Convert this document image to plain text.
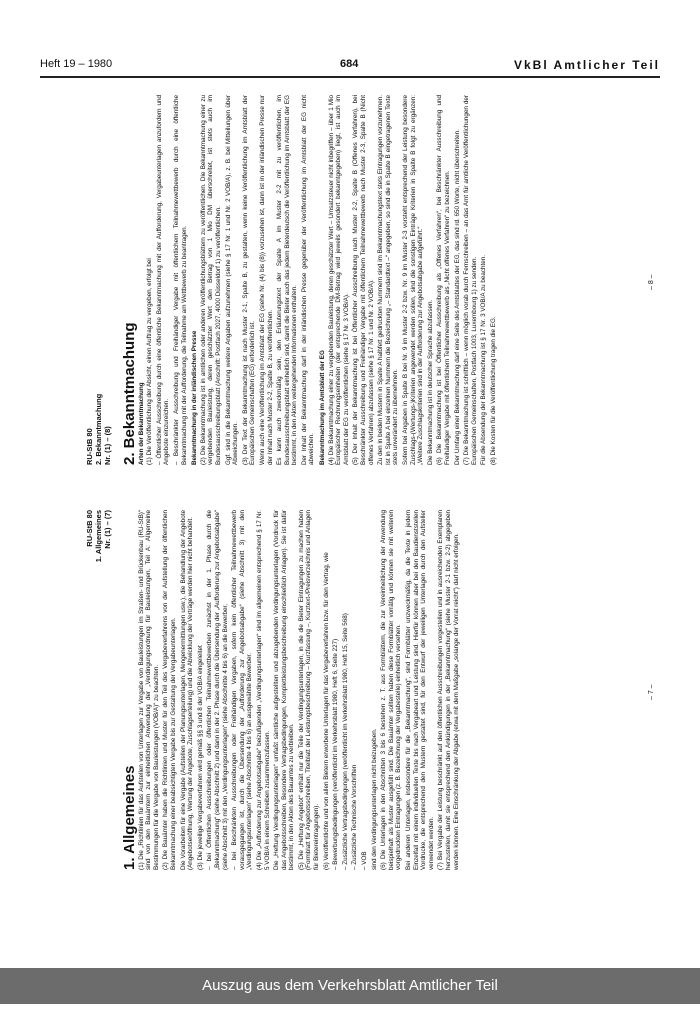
Heft 19 – 1980	684	VkBl Amtlicher Teil
RU-StB 80 1. Allgemeines Nr. (1) – (7)
1. Allgemeines (1) Die „Richtlinien für das Aufstellen von Unterlagen zur Vergabe von Bauleistungen im Straßen- und Brückenbau (RU-StB)“ sind von den Bauämtern zur einheitlichen Anwendung der „Verdingungsordnung für Bauleistungen, Teil A: Allgemeine Bestimmungen für die Vergabe von Bauleistungen (VOB/A)“ zu beachten. (2) Die Bauämter haben die Richtlinien und Muster für den Teil des Vergabeverfahrens von der Aufstellung der öffentlichen Bekanntmachung einer beabsichtigten Vergabe bis zur Gestaltung der Vergabeunterlagen. Die Vorarbeiten für eine Vergabe (Aufstellen der Planungsunterlagen, Mengenermittlungen usw.), die Behandlung der Angebote (Angebotseröffnung, Wertung der Angebote, Zuschlagserteilung) und die Abwicklung der Verträge werden hier nicht behandelt. (3) Die jeweilige Vergabeverfahren wird gemäß §§ 3 und 8 der VOB/A eingeleitet – bei Öffentlichen Ausschreibungen oder öffentlichen Teilnahmewettbewerben zunächst in der 1. Phase durch die „Bekanntmachung“ (siehe Abschnitt 2) und dann in der 2. Phase durch die Übersendung der „Aufforderung zur Angebotsabgabe“ (siehe Abschnitt 3) mit den „Verdingungsunterlagen“ (siehe Abschnitte 4 bis 6) an die Bewerber, – bei Beschränkten Ausschreibungen oder Freihändigen Vergaben, sofern kein öffentlicher Teilnahmewettbewerb vorausgegangen ist, durch die Übersendung der „Aufforderung zur Angebotsabgabe“ (siehe Abschnitt 3) mit den „Verdingungsunterlagen“ (siehe Abschnitte 4 bis 6) an ausgewählte Bewerber. (4) Die „Aufforderung zur Angebotsabgabe“ beizufügenden „Verdingungsunterlagen“ sind im allgemeinen entsprechend § 17 Nr. 5 VOB/A in einem Schreiben zusammenzufassen. Die „Heftung Verdingungsunterlagen“ umfaßt sämtliche aufgestellten und abzugebenden Verdingungsunterlagen (Vordruck für das Angebotsschreiben, Besondere Vertragsbedingungen, Komplettleistungsbeschreibung einschließlich Anlagen). Sie ist dafür bestimmt, in den Akten des Bauamtes zu verbleiben. (5) Die „Heftung Angebot“ enthält nur die Teile der Verdingungsunterlagen, in die die Bieter Eintragungen zu machen haben (Formblatt für Angebotsschreiben, Titelblatt der Leistungsbeschreibung – Kurzfassung –, Kurztext-/Preisverzeichnis und Anlagen für Bietereintragungen). (6) Veröffentlichte und von allen Bietern erworbene Unterlagen für das Vergabeverfahren bzw. für den Vertrag, wie – Bewerbungsbedingungen (veröffentlicht im Verkehrsblatt 1980, Heft 6, Seite 227) – Zusätzliche Vertragsbedingungen (veröffentlicht im Verkehrsblatt 1980, Heft 15, Seite 568) – Zusätzliche Technische Vorschriften – VOB sind den Verdingungsunterlagen nicht beizugeben. (6) Die Unterlagen in den Abschnitten 3 bis 6 bestehen z. T. aus Formblättern, die zur Vereinheitlichung der Anwendung beispielhaft als Muster ausgefüllt sind. Die Bauämter sollten haben diese Formblätter vorrätig und können sie mit weiteren vorgedruckten Eintragungen (z. B. Bezeichnung der Vergabestelle) einheitlich versehen. Bei anderen Unterlagen, insbesondere für die „Bekanntmachung“, sind Formblätter unzweckmäßig, da die Texte in jedem Einzelfall mit einem individuellen Texte bis nach Vergabeart und Leistung sind. Hierfür können aber bei den Baudienststellen Vordrucke, die entsprechend den Mustern gestaltet sind, für den Entwurf der jeweiligen Unterlagen durch den Aufsteller verwendet werden. (7) Bei Vergabe der Leistung beschränkt auf den öffentlichen Ausschreibungen vorgestellen und in ausreichenden Exemplaren herzustellen, damit sie entsprechend den Ankündigungen in der „Bekanntmachung“ (siehe Muster 2-1 bzw. 2-2) abgegeben werden können. Eine Einschränkung der Abgabe (etwa mit dem Maßgabe „solange der Vorrat reicht“) darf nicht erfolgen.	– 7 –
RU-StB 80 2. Bekanntmachung Nr. (1) – (8) 2. Bekanntmachung Arten der Bekanntmachung (1) Die Veröffentlichung der Absicht, einen Auftrag zu vergeben, erfolgt bei – Öffentlicher Ausschreibung durch eine öffentliche Bekanntmachung mit der Aufforderung, Vergabeunterlagen anzufordern und Angebote einzureichen. – Beschränkter Ausschreibung und Freihändiger Vergabe mit öffentlichem Teilnahmewettbewerb durch eine öffentliche Bekanntmachung mit der Aufforderung, die Teilnahme am Wettbewerb zu beantragen. Bekanntmachung in der inländischen Presse (2) Die Bekanntmachung ist in amtlichen oder anderen Veröffentlichungsblättern zu veröffentlichen. Die Bekanntmachung einer zu vergebenden Bauleistung, deren geschätzter Wert den Betrag von 1 Mio DM überschreitet, ist stets auch im Bundesausschreibungsblatt (Anschrift: Postfach 2027, 4000 Düsseldorf 1) zu veröffentlichen. Ggf. sind in die Bekanntmachung weitere Angaben aufzunehmen (siehe § 17 Nr. 1 und Nr. 2 VOB/A), z. B. bei Mitteilungen über Abweichungen. (3) Der Text der Bekanntmachung ist nach Muster 2-1, Spalte B, zu gestalten, wenn keine Veröffentlichung im Amtsblatt der Europäischen Gemeinschaften (EG) erforderlich ist. Wenn auch eine Veröffentlichung im Amtsblatt der EG (siehe Nr. (4) bis (8)) vorzusehen ist, dann ist in der inländischen Presse nur der Inhalt nach Muster 2-2, Spalte B, zu veröffentlichen. Es kann auch zweckmäßig sein, den Erläuterungstext der Spalte A im Muster 2-2 mit zu veröffentlichen, im Bundesausschreibungsblatt einheitlich sind, damit die Bieter auch das jedem Bieterdeutsch die Veröffentlichung im Amtsblatt der EG bestimmt, in den Akten weitergehenden Informationen enthalten. Der Inhalt der Bekanntmachung darf in der inländischen Presse gegenüber der Veröffentlichung im Amtsblatt der EG nicht abweichen. Bekanntmachung im Amtsblatt der EG (4) Die Bekanntmachung einer zu vergebenden Bauleistung, deren geschätzter Wert – Umsatzsteuer nicht inbegriffen – über 1 Mio Europäischer Rechnungseinheiten (der entsprechende DM-Betrag wird jeweils gesondert bekanntgegeben) liegt, ist auch im Amtsblatt der EG zu veröffentlichen (siehe § 17 Nr. 3 VOB/A). (5) Der Inhalt der Bekanntmachung ist bei Öffentlicher Ausschreibung nach Muster 2-2, Spalte B (Offenes Verfahren), bei Beschränkter Ausschreibung und Freihändiger Vergabe mit öffentlichem Teilnahmewettbewerb nach Muster 2-3, Spalte B (Nicht offenes Verfahren) abzufassen (siehe § 17 Nr. 1 und Nr. 2 VOB/A). Zu den in beiden Mustern in Spalte A halbfett gedruckten Nummern sind im Bekanntmachungstext stets Eintragungen vorzunehmen. Ist in Spalte A bei einzelnen Nummern die Bezeichnung „– Standardtext –“ angegeben, so sind die in Spalte B eingetragenen Texte stets unverändert zu übernehmen. Sofern bei Angaben in Spalte B bei Nr. 9 im Muster 2-2 bzw. Nr. 9 im Muster 2-3 vorsteht entsprechend der Leistung besondere Zuschlags-(Wertungs-)Kriterien angewendet werden sollen, sind die sonstigen Einträge Kriterien in Spalte B folgt zu ergänzen: „Weitere Zuschlagskriterien sind in der Aufforderung zur Angebotsabgabe aufgeführt.“ Die Bekanntmachung ist in deutscher Sprache abzufassen. (6) Die Bekanntmachung ist bei Öffentlicher Ausschreibung als „Offenes Verfahren“, bei Beschränkter Ausschreibung und Freihändiger Vergabe mit öffentlichem Teilnahmewettbewerb als „Nicht offenes Verfahren“ zu bezeichnen. Der Umfang einer Bekanntmachung darf eine Seite des Amtsblattes der EG, das sind rd. 650 Worte, nicht überschreiten. (7) Die Bekanntmachung ist schriftlich – wenn möglich vorab durch Fernschreiben – an das Amt für amtliche Veröffentlichungen der Europäischen Gemeinschaften, Postfach 1003, Luxembourg 1) zu senden. Für die Absendung der Bekanntmachung ist § 17 Nr. 3 VOB/A zu beachten. (8) Die Kosten für die Veröffentlichung tragen die EG.
– 8 –
Auszug aus dem Verkehrsblatt Amtlicher Teil
